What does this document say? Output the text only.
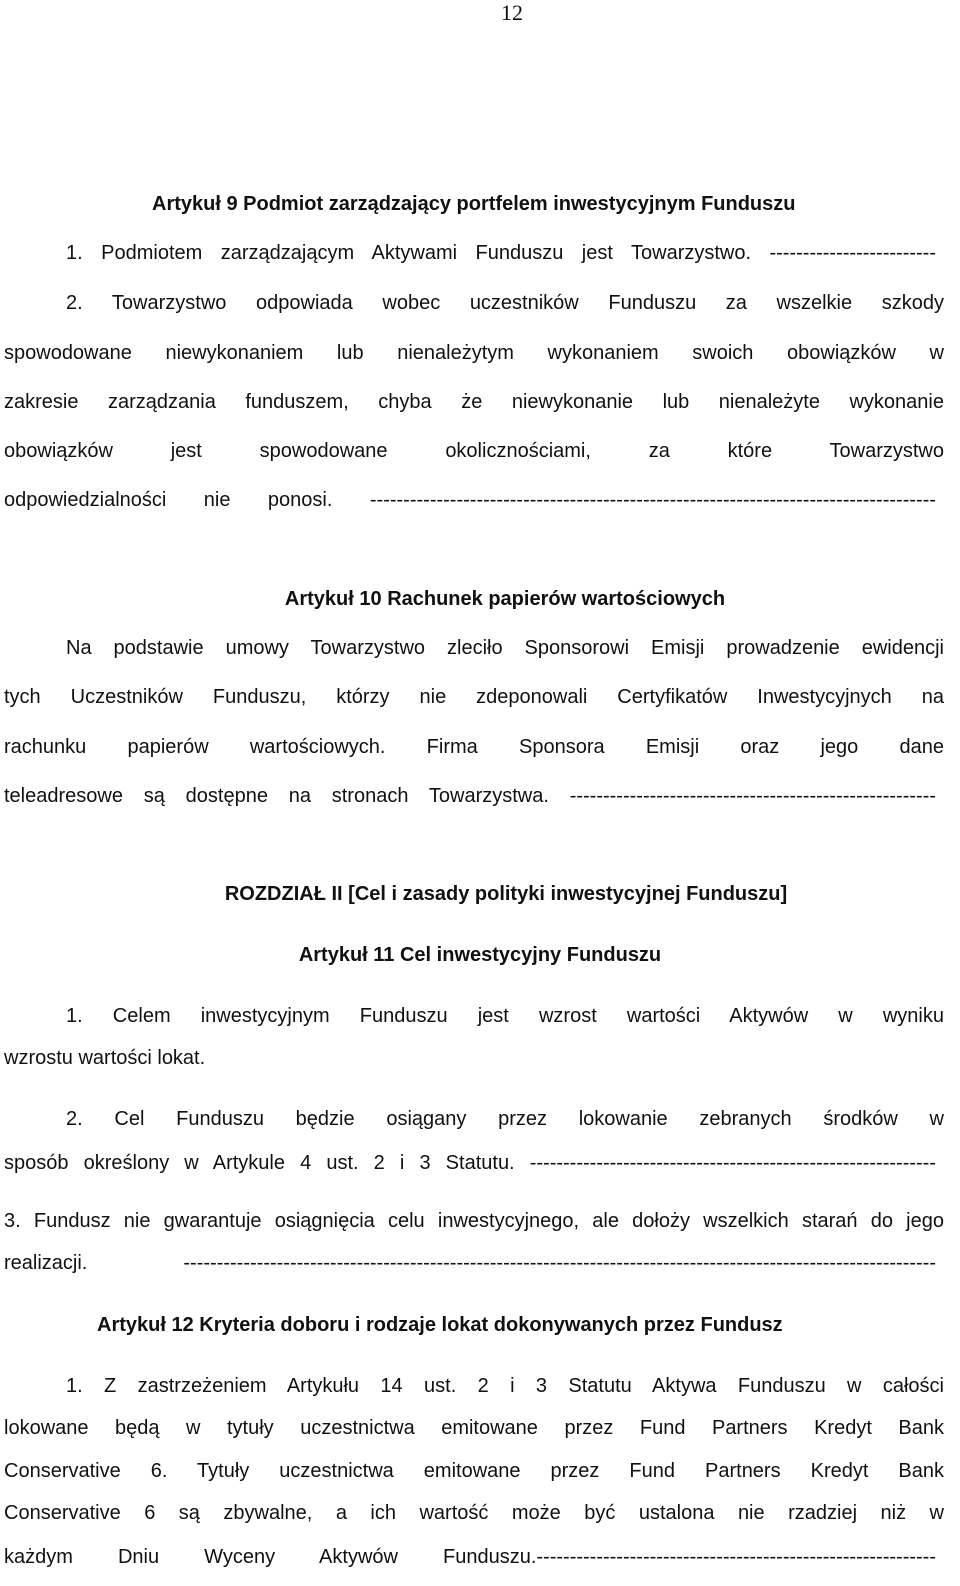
12
Artykuł 9 Podmiot zarządzający portfelem inwestycyjnym Funduszu
1. Podmiotem zarządzającym Aktywami Funduszu jest Towarzystwo. -------------------------
2. Towarzystwo odpowiada wobec uczestników Funduszu za wszelkie szkody
spowodowane niewykonaniem lub nienależytym wykonaniem swoich obowiązków w
zakresie zarządzania funduszem, chyba że niewykonanie lub nienależyte wykonanie
obowiązków jest spowodowane okolicznościami, za które Towarzystwo
odpowiedzialności nie ponosi. -------------------------------------------------------------------------------------
Artykuł 10 Rachunek papierów wartościowych
Na podstawie umowy Towarzystwo zleciło Sponsorowi Emisji prowadzenie ewidencji
tych Uczestników Funduszu, którzy nie zdeponowali Certyfikatów Inwestycyjnych na
rachunku papierów wartościowych. Firma Sponsora Emisji oraz jego dane
teleadresowe są dostępne na stronach Towarzystwa. -------------------------------------------------------
ROZDZIAŁ II [Cel i zasady polityki inwestycyjnej Funduszu]
Artykuł 11 Cel inwestycyjny Funduszu
1. Celem inwestycyjnym Funduszu jest wzrost wartości Aktywów w wyniku
wzrostu wartości lokat.
2. Cel Funduszu będzie osiągany przez lokowanie zebranych środków w
sposób określony w Artykule 4 ust. 2 i 3 Statutu. -------------------------------------------------------------
3. Fundusz nie gwarantuje osiągnięcia celu inwestycyjnego, ale dołoży wszelkich starań do jego
realizacji. -----------------------------------------------------------------------------------------------------------------
Artykuł 12 Kryteria doboru i rodzaje lokat dokonywanych przez Fundusz
1. Z zastrzeżeniem Artykułu 14 ust. 2 i 3 Statutu Aktywa Funduszu w całości
lokowane będą w tytuły uczestnictwa emitowane przez Fund Partners Kredyt Bank
Conservative 6. Tytuły uczestnictwa emitowane przez Fund Partners Kredyt Bank
Conservative 6 są zbywalne, a ich wartość może być ustalona nie rzadziej niż w
każdym Dniu Wyceny Aktywów Funduszu.------------------------------------------------------------
